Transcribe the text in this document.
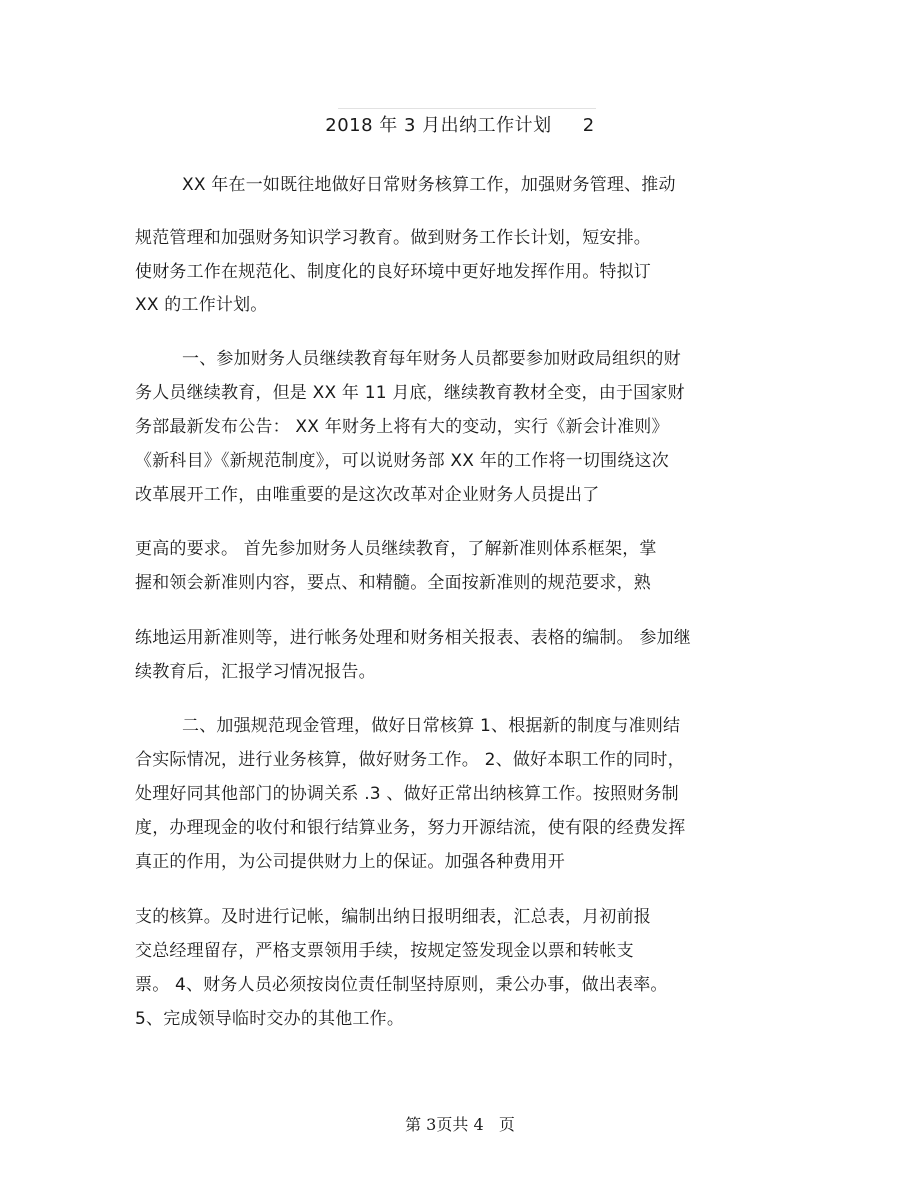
2018 年 3 月出纳工作计划     2
XX 年在一如既往地做好日常财务核算工作，加强财务管理、推动
规范管理和加强财务知识学习教育。做到财务工作长计划，短安排。
使财务工作在规范化、制度化的良好环境中更好地发挥作用。特拟订
XX 的工作计划。
一、参加财务人员继续教育每年财务人员都要参加财政局组织的财
务人员继续教育，但是 XX 年 11 月底，继续教育教材全变，由于国家财
务部最新发布公告： XX 年财务上将有大的变动，实行《新会计准则》
《新科目》《新规范制度》，可以说财务部 XX 年的工作将一切围绕这次
改革展开工作，由唯重要的是这次改革对企业财务人员提出了
更高的要求。 首先参加财务人员继续教育，了解新准则体系框架，掌
握和领会新准则内容，要点、和精髓。全面按新准则的规范要求，熟
练地运用新准则等，进行帐务处理和财务相关报表、表格的编制。 参加继
续教育后，汇报学习情况报告。
二、加强规范现金管理，做好日常核算 1、根据新的制度与准则结
合实际情况，进行业务核算，做好财务工作。 2、做好本职工作的同时，
处理好同其他部门的协调关系 .3 、做好正常出纳核算工作。按照财务制
度，办理现金的收付和银行结算业务，努力开源结流，使有限的经费发挥
真正的作用，为公司提供财力上的保证。加强各种费用开
支的核算。及时进行记帐，编制出纳日报明细表，汇总表，月初前报
交总经理留存，严格支票领用手续，按规定签发现金以票和转帐支
票。 4、财务人员必须按岗位责任制坚持原则，秉公办事，做出表率。
5、完成领导临时交办的其他工作。
第 3页共 4   页
